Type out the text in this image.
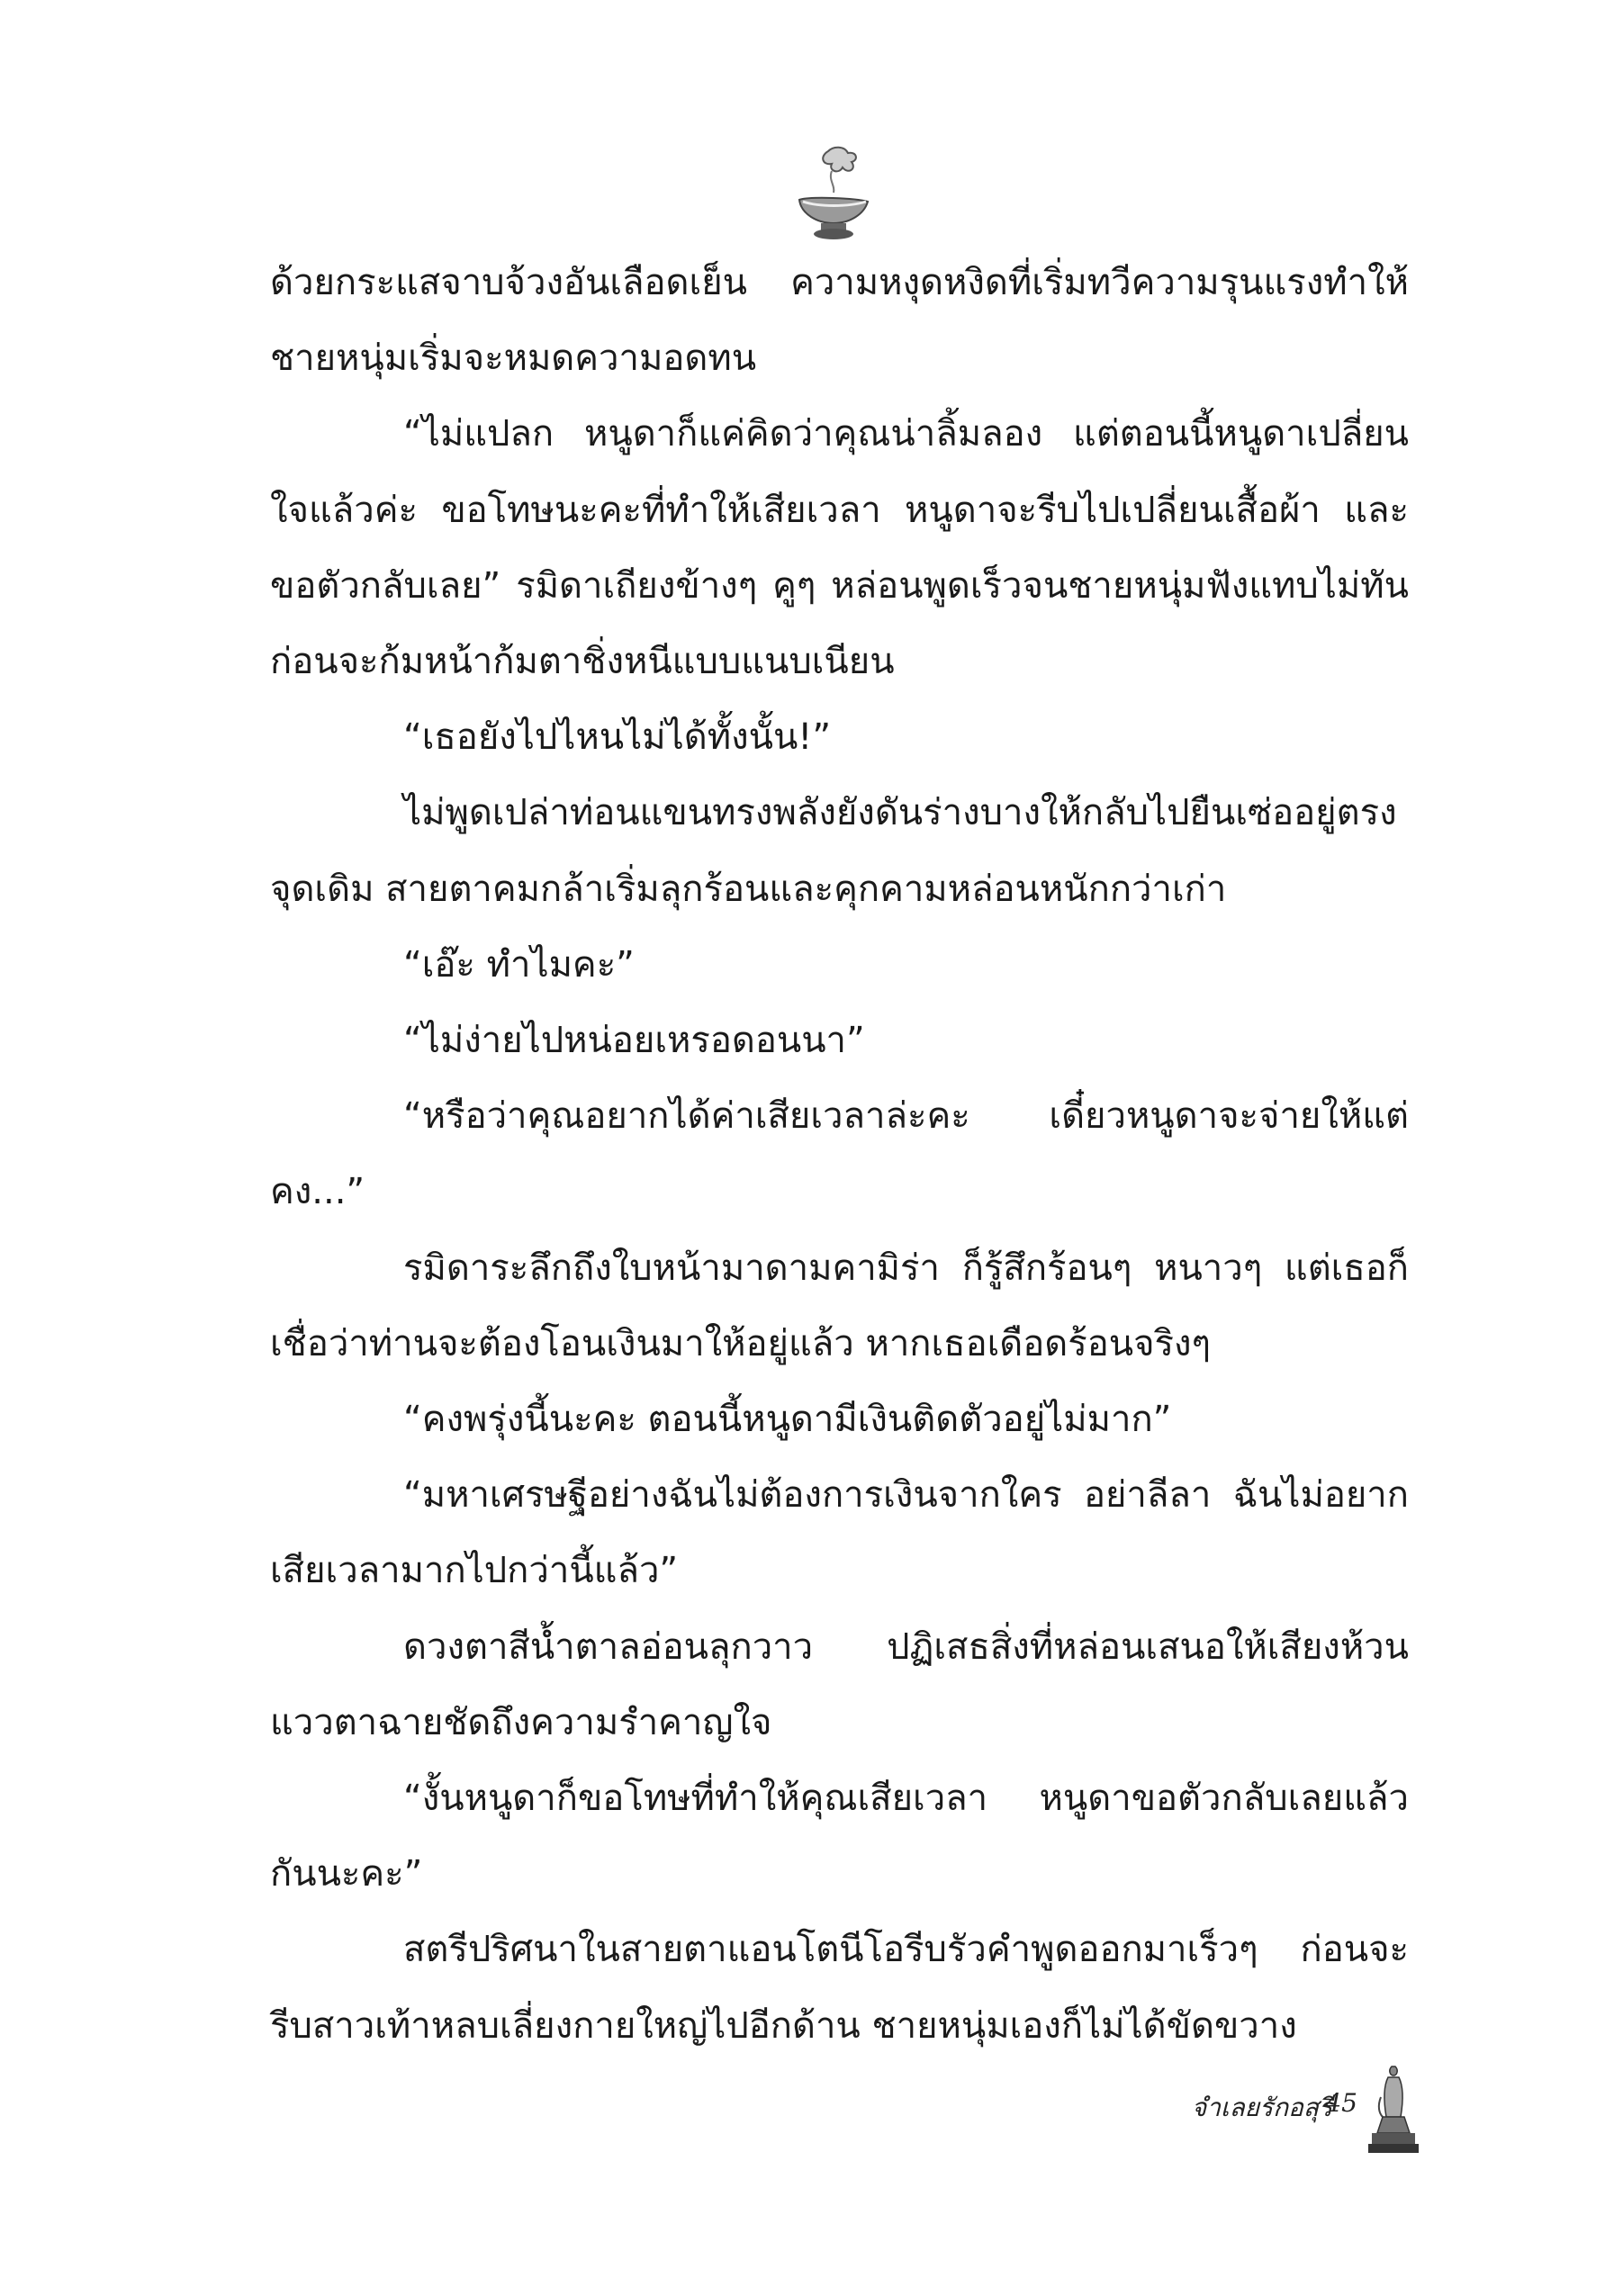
ด้วยกระแสจาบจ้วงอันเลือดเย็น ความหงุดหงิดที่เริ่มทวีความรุนแรงทำให้ชายหนุ่มเริ่มจะหมดความอดทน

“ไม่แปลก หนูดาก็แค่คิดว่าคุณน่าลิ้มลอง แต่ตอนนี้หนูดาเปลี่ยนใจแล้วค่ะ ขอโทษนะคะที่ทำให้เสียเวลา หนูดาจะรีบไปเปลี่ยนเสื้อผ้า และขอตัวกลับเลย” รมิดาเถียงข้างๆ คูๆ หล่อนพูดเร็วจนชายหนุ่มฟังแทบไม่ทัน ก่อนจะก้มหน้าก้มตาชิ่งหนีแบบแนบเนียน

“เธอยังไปไหนไม่ได้ทั้งนั้น!”

ไม่พูดเปล่าท่อนแขนทรงพลังยังดันร่างบางให้กลับไปยืนเซ่ออยู่ตรงจุดเดิม สายตาคมกล้าเริ่มลุกร้อนและคุกคามหล่อนหนักกว่าเก่า

“เอ๊ะ ทำไมคะ”

“ไม่ง่ายไปหน่อยเหรอดอนนา”

“หรือว่าคุณอยากได้ค่าเสียเวลาล่ะคะ เดี๋ยวหนูดาจะจ่ายให้แต่คง...”

รมิดาระลึกถึงใบหน้ามาดามคามิร่า ก็รู้สึกร้อนๆ หนาวๆ แต่เธอก็เชื่อว่าท่านจะต้องโอนเงินมาให้อยู่แล้ว หากเธอเดือดร้อนจริงๆ

“คงพรุ่งนี้นะคะ ตอนนี้หนูดามีเงินติดตัวอยู่ไม่มาก”

“มหาเศรษฐีอย่างฉันไม่ต้องการเงินจากใคร อย่าลีลา ฉันไม่อยากเสียเวลามากไปกว่านี้แล้ว”

ดวงตาสีน้ำตาลอ่อนลุกวาว ปฏิเสธสิ่งที่หล่อนเสนอให้เสียงห้วนแววตาฉายชัดถึงความรำคาญใจ

“งั้นหนูดาก็ขอโทษที่ทำให้คุณเสียเวลา หนูดาขอตัวกลับเลยแล้วกันนะคะ”

สตรีปริศนาในสายตาแอนโตนีโอรีบรัวคำพูดออกมาเร็วๆ ก่อนจะรีบสาวเท้าหลบเลี่ยงกายใหญ่ไปอีกด้าน ชายหนุ่มเองก็ไม่ได้ขัดขวาง

จำเลยรักอสุรี
45
